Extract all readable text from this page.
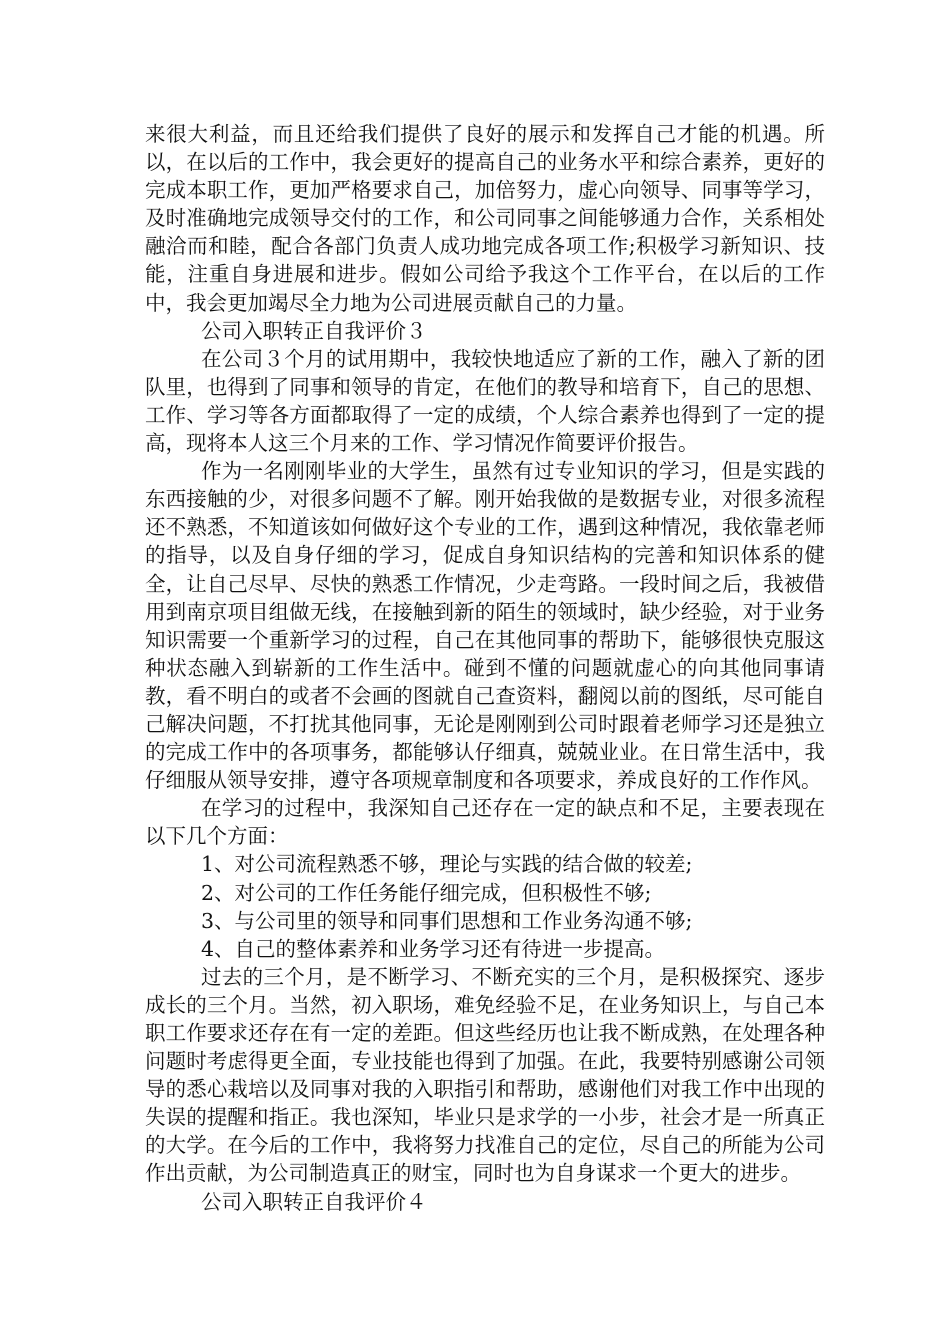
来很大利益，而且还给我们提供了良好的展示和发挥自己才能的机遇。所以，在以后的工作中，我会更好的提高自己的业务水平和综合素养，更好的完成本职工作，更加严格要求自己，加倍努力，虚心向领导、同事等学习，及时准确地完成领导交付的工作，和公司同事之间能够通力合作，关系相处融洽而和睦，配合各部门负责人成功地完成各项工作;积极学习新知识、技能，注重自身进展和进步。假如公司给予我这个工作平台，在以后的工作中，我会更加竭尽全力地为公司进展贡献自己的力量。

公司入职转正自我评价３

在公司３个月的试用期中，我较快地适应了新的工作，融入了新的团队里，也得到了同事和领导的肯定，在他们的教导和培育下，自己的思想、工作、学习等各方面都取得了一定的成绩，个人综合素养也得到了一定的提高，现将本人这三个月来的工作、学习情况作简要评价报告。

作为一名刚刚毕业的大学生，虽然有过专业知识的学习，但是实践的东西接触的少，对很多问题不了解。刚开始我做的是数据专业，对很多流程还不熟悉，不知道该如何做好这个专业的工作，遇到这种情况，我依靠老师的指导，以及自身仔细的学习，促成自身知识结构的完善和知识体系的健全，让自己尽早、尽快的熟悉工作情况，少走弯路。一段时间之后，我被借用到南京项目组做无线，在接触到新的陌生的领域时，缺少经验，对于业务知识需要一个重新学习的过程，自己在其他同事的帮助下，能够很快克服这种状态融入到崭新的工作生活中。碰到不懂的问题就虚心的向其他同事请教，看不明白的或者不会画的图就自己查资料，翻阅以前的图纸，尽可能自己解决问题，不打扰其他同事，无论是刚刚到公司时跟着老师学习还是独立的完成工作中的各项事务，都能够认仔细真，兢兢业业。在日常生活中，我仔细服从领导安排，遵守各项规章制度和各项要求，养成良好的工作作风。

在学习的过程中，我深知自己还存在一定的缺点和不足，主要表现在以下几个方面：

1、对公司流程熟悉不够，理论与实践的结合做的较差;

2、对公司的工作任务能仔细完成，但积极性不够;

3、与公司里的领导和同事们思想和工作业务沟通不够;

4、自己的整体素养和业务学习还有待进一步提高。

过去的三个月，是不断学习、不断充实的三个月，是积极探究、逐步成长的三个月。当然，初入职场，难免经验不足，在业务知识上，与自己本职工作要求还存在有一定的差距。但这些经历也让我不断成熟，在处理各种问题时考虑得更全面，专业技能也得到了加强。在此，我要特别感谢公司领导的悉心栽培以及同事对我的入职指引和帮助，感谢他们对我工作中出现的失误的提醒和指正。我也深知，毕业只是求学的一小步，社会才是一所真正的大学。在今后的工作中，我将努力找准自己的定位，尽自己的所能为公司作出贡献，为公司制造真正的财宝，同时也为自身谋求一个更大的进步。

公司入职转正自我评价４
